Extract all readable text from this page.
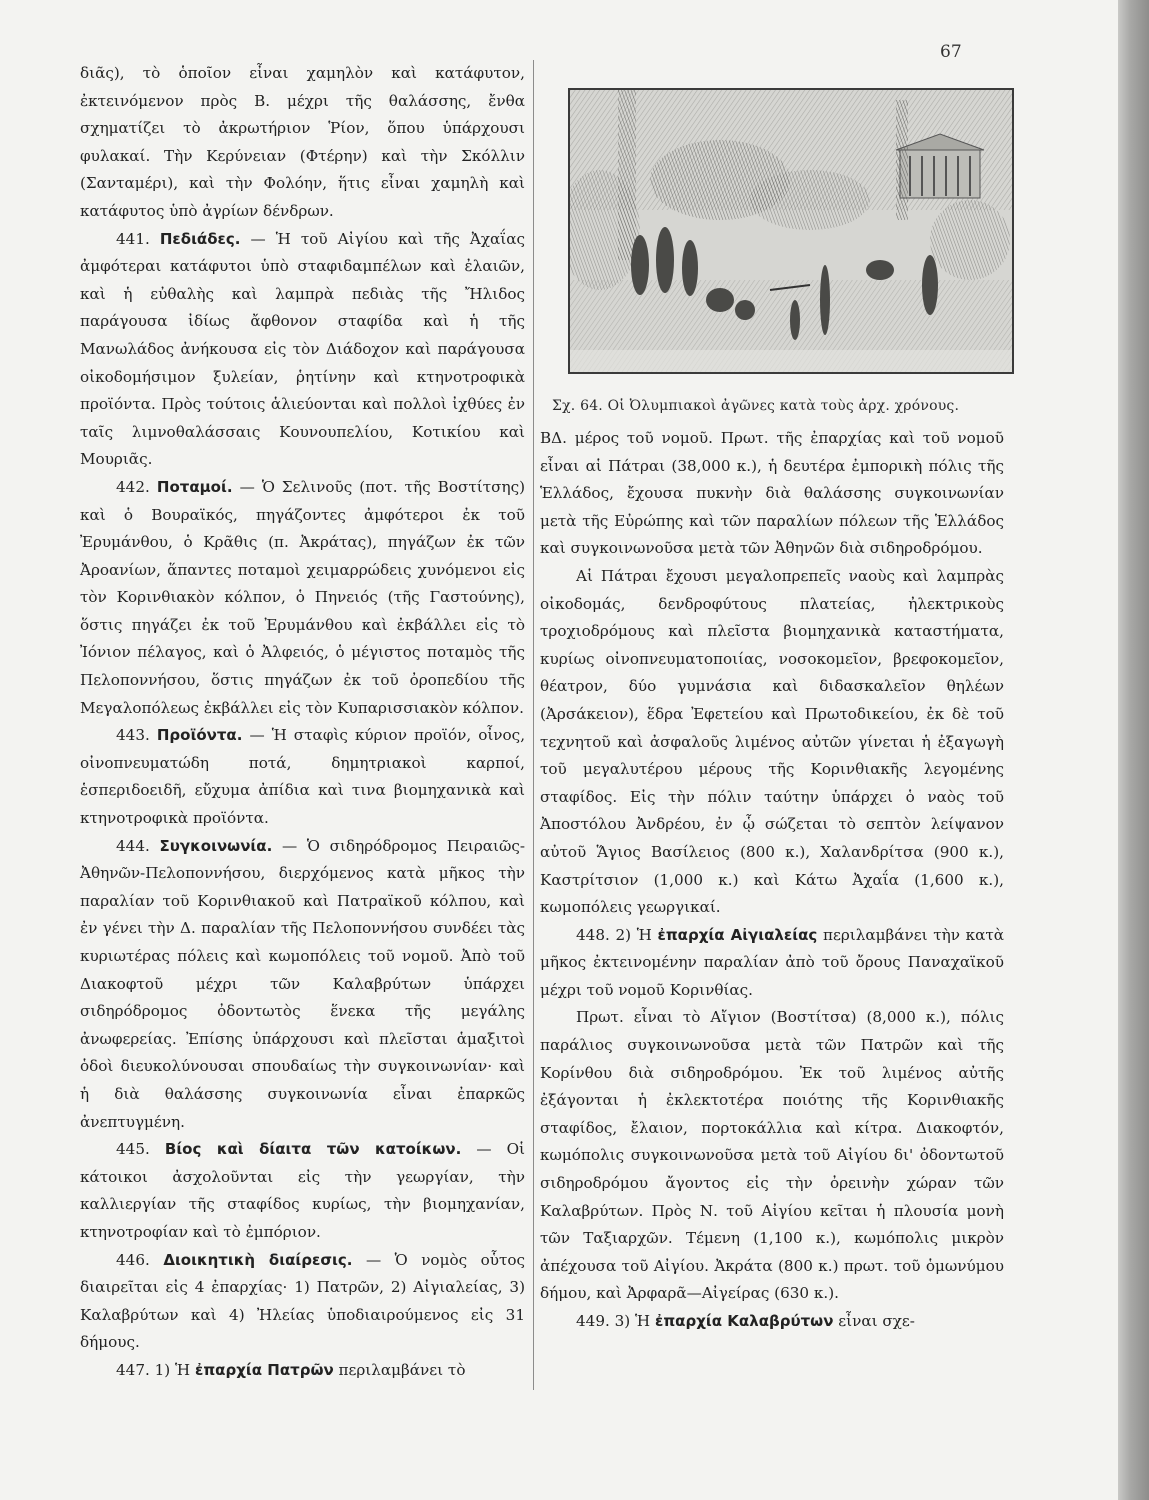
67

διᾶς), τὸ ὁποῖον εἶναι χαμηλὸν καὶ κατάφυτον, ἐκτεινόμενον πρὸς Β. μέχρι τῆς θαλάσσης, ἔνθα σχηματίζει τὸ ἀκρωτήριον Ῥίον, ὅπου ὑπάρχουσι φυλακαί. Τὴν Κερύνειαν (Φτέρην) καὶ τὴν Σκόλλιν (Σανταμέρι), καὶ τὴν Φολόην, ἥτις εἶναι χαμηλὴ καὶ κατάφυτος ὑπὸ ἀγρίων δένδρων.

441. Πεδιάδες. — Ἡ τοῦ Αἰγίου καὶ τῆς Ἀχαΐας ἀμφότεραι κατάφυτοι ὑπὸ σταφιδαμπέλων καὶ ἐλαιῶν, καὶ ἡ εὐθαλὴς καὶ λαμπρὰ πεδιὰς τῆς Ἤλιδος παράγουσα ἰδίως ἄφθονον σταφίδα καὶ ἡ τῆς Μανωλάδος ἀνήκουσα εἰς τὸν Διάδοχον καὶ παράγουσα οἰκοδομήσιμον ξυλείαν, ῥητίνην καὶ κτηνοτροφικὰ προϊόντα. Πρὸς τούτοις ἁλιεύονται καὶ πολλοὶ ἰχθύες ἐν ταῖς λιμνοθαλάσσαις Κουνουπελίου, Κοτικίου καὶ Μουριᾶς.

442. Ποταμοί. — Ὁ Σελινοῦς (ποτ. τῆς Βοστίτσης) καὶ ὁ Βουραϊκός, πηγάζοντες ἀμφότεροι ἐκ τοῦ Ἐρυμάνθου, ὁ Κρᾶθις (π. Ἀκράτας), πηγάζων ἐκ τῶν Ἀροανίων, ἅπαντες ποταμοὶ χειμαρρώδεις χυνόμενοι εἰς τὸν Κορινθιακὸν κόλπον, ὁ Πηνειός (τῆς Γαστούνης), ὅστις πηγάζει ἐκ τοῦ Ἐρυμάνθου καὶ ἐκβάλλει εἰς τὸ Ἰόνιον πέλαγος, καὶ ὁ Ἀλφειός, ὁ μέγιστος ποταμὸς τῆς Πελοποννήσου, ὅστις πηγάζων ἐκ τοῦ ὀροπεδίου τῆς Μεγαλοπόλεως ἐκβάλλει εἰς τὸν Κυπαρισσιακὸν κόλπον.

443. Προϊόντα. — Ἡ σταφὶς κύριον προϊόν, οἶνος, οἰνοπνευματώδη ποτά, δημητριακοὶ καρποί, ἑσπεριδοειδῆ, εὔχυμα ἀπίδια καὶ τινα βιομηχανικὰ καὶ κτηνοτροφικὰ προϊόντα.

444. Συγκοινωνία. — Ὁ σιδηρόδρομος Πειραιῶς-Ἀθηνῶν-Πελοποννήσου, διερχόμενος κατὰ μῆκος τὴν παραλίαν τοῦ Κορινθιακοῦ καὶ Πατραϊκοῦ κόλπου, καὶ ἐν γένει τὴν Δ. παραλίαν τῆς Πελοποννήσου συνδέει τὰς κυριωτέρας πόλεις καὶ κωμοπόλεις τοῦ νομοῦ. Ἀπὸ τοῦ Διακοφτοῦ μέχρι τῶν Καλαβρύτων ὑπάρχει σιδηρόδρομος ὀδοντωτὸς ἕνεκα τῆς μεγάλης ἀνωφερείας. Ἐπίσης ὑπάρχουσι καὶ πλεῖσται ἁμαξιτοὶ ὁδοὶ διευκολύνουσαι σπουδαίως τὴν συγκοινωνίαν· καὶ ἡ διὰ θαλάσσης συγκοινωνία εἶναι ἐπαρκῶς ἀνεπτυγμένη.

445. Βίος καὶ δίαιτα τῶν κατοίκων. — Οἱ κάτοικοι ἀσχολοῦνται εἰς τὴν γεωργίαν, τὴν καλλιεργίαν τῆς σταφίδος κυρίως, τὴν βιομηχανίαν, κτηνοτροφίαν καὶ τὸ ἐμπόριον.

446. Διοικητικὴ διαίρεσις. — Ὁ νομὸς οὗτος διαιρεῖται εἰς 4 ἐπαρχίας· 1) Πατρῶν, 2) Αἰγιαλείας, 3) Καλαβρύτων καὶ 4) Ἠλείας ὑποδιαιρούμενος εἰς 31 δήμους.

447. 1) Ἡ ἐπαρχία Πατρῶν περιλαμβάνει τὸ

Σχ. 64. Οἱ Ὀλυμπιακοὶ ἀγῶνες κατὰ τοὺς ἀρχ. χρόνους.

ΒΔ. μέρος τοῦ νομοῦ. Πρωτ. τῆς ἐπαρχίας καὶ τοῦ νομοῦ εἶναι αἱ Πάτραι (38,000 κ.), ἡ δευτέρα ἐμπορικὴ πόλις τῆς Ἑλλάδος, ἔχουσα πυκνὴν διὰ θαλάσσης συγκοινωνίαν μετὰ τῆς Εὐρώπης καὶ τῶν παραλίων πόλεων τῆς Ἑλλάδος καὶ συγκοινωνοῦσα μετὰ τῶν Ἀθηνῶν διὰ σιδηροδρόμου.

Αἱ Πάτραι ἔχουσι μεγαλοπρεπεῖς ναοὺς καὶ λαμπρὰς οἰκοδομάς, δενδροφύτους πλατείας, ἠλεκτρικοὺς τροχιοδρόμους καὶ πλεῖστα βιομηχανικὰ καταστήματα, κυρίως οἰνοπνευματοποιίας, νοσοκομεῖον, βρεφοκομεῖον, θέατρον, δύο γυμνάσια καὶ διδασκαλεῖον θηλέων (Ἀρσάκειον), ἕδρα Ἐφετείου καὶ Πρωτοδικείου, ἐκ δὲ τοῦ τεχνητοῦ καὶ ἀσφαλοῦς λιμένος αὐτῶν γίνεται ἡ ἐξαγωγὴ τοῦ μεγαλυτέρου μέρους τῆς Κορινθιακῆς λεγομένης σταφίδος. Εἰς τὴν πόλιν ταύτην ὑπάρχει ὁ ναὸς τοῦ Ἀποστόλου Ἀνδρέου, ἐν ᾧ σώζεται τὸ σεπτὸν λείψανον αὐτοῦ Ἅγιος Βασίλειος (800 κ.), Χαλανδρίτσα (900 κ.), Καστρίτσιον (1,000 κ.) καὶ Κάτω Ἀχαΐα (1,600 κ.), κωμοπόλεις γεωργικαί.

448. 2) Ἡ ἐπαρχία Αἰγιαλείας περιλαμβάνει τὴν κατὰ μῆκος ἐκτεινομένην παραλίαν ἀπὸ τοῦ ὄρους Παναχαϊκοῦ μέχρι τοῦ νομοῦ Κορινθίας.

Πρωτ. εἶναι τὸ Αἴγιον (Βοστίτσα) (8,000 κ.), πόλις παράλιος συγκοινωνοῦσα μετὰ τῶν Πατρῶν καὶ τῆς Κορίνθου διὰ σιδηροδρόμου. Ἐκ τοῦ λιμένος αὐτῆς ἐξάγονται ἡ ἐκλεκτοτέρα ποιότης τῆς Κορινθιακῆς σταφίδος, ἔλαιον, πορτοκάλλια καὶ κίτρα. Διακοφτόν, κωμόπολις συγκοινωνοῦσα μετὰ τοῦ Αἰγίου δι' ὀδοντωτοῦ σιδηροδρόμου ἄγοντος εἰς τὴν ὀρεινὴν χώραν τῶν Καλαβρύτων. Πρὸς Ν. τοῦ Αἰγίου κεῖται ἡ πλουσία μονὴ τῶν Ταξιαρχῶν. Τέμενη (1,100 κ.), κωμόπολις μικρὸν ἀπέχουσα τοῦ Αἰγίου. Ἀκράτα (800 κ.) πρωτ. τοῦ ὁμωνύμου δήμου, καὶ Ἀρφαρᾶ—Αἰγείρας (630 κ.).

449. 3) Ἡ ἐπαρχία Καλαβρύτων εἶναι σχε-
